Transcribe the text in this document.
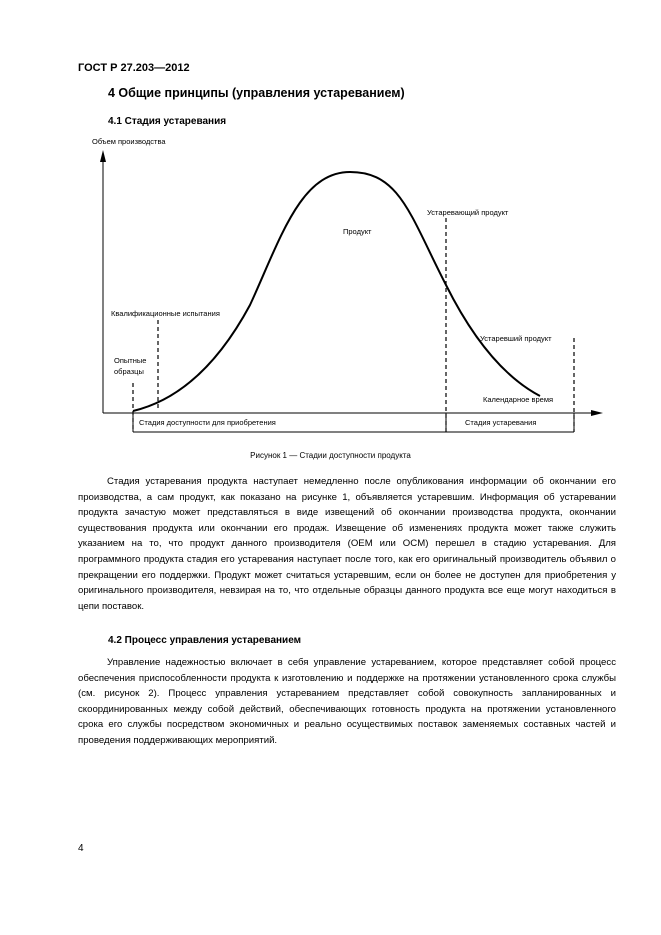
ГОСТ Р 27.203—2012
4 Общие принципы (управления устареванием)
4.1 Стадия устаревания
Объем производства
Продукт
Устаревающий продукт
Квалификационные испытания
Опытные
образцы
Устаревший продукт
Календарное время
Стадия доступности для приобретения	Стадия устаревания
Рисунок 1 — Стадии доступности продукта
Стадия устаревания продукта наступает немедленно после опубликования информации об окончании его производства, а сам продукт, как показано на рисунке 1, объявляется устаревшим. Информация об устаревании продукта зачастую может представляться в виде извещений об окончании производства продукта, окончании существования продукта или окончании его продаж. Извещение об изменениях продукта может также служить указанием на то, что продукт данного производителя (OEM или OCM) перешел в стадию устаревания. Для программного продукта стадия его устаревания наступает после того, как его оригинальный производитель объявил о прекращении его поддержки. Продукт может считаться устаревшим, если он более не доступен для приобретения у оригинального производителя, невзирая на то, что отдельные образцы данного продукта все еще могут находиться в цепи поставок.
4.2 Процесс управления устареванием
Управление надежностью включает в себя управление устареванием, которое представляет собой процесс обеспечения приспособленности продукта к изготовлению и поддержке на протяжении установленного срока службы (см. рисунок 2). Процесс управления устареванием представляет собой совокупность запланированных и скоординированных между собой действий, обеспечивающих готовность продукта на протяжении установленного срока его службы посредством экономичных и реально осуществимых поставок заменяемых составных частей и проведения поддерживающих мероприятий.
4
